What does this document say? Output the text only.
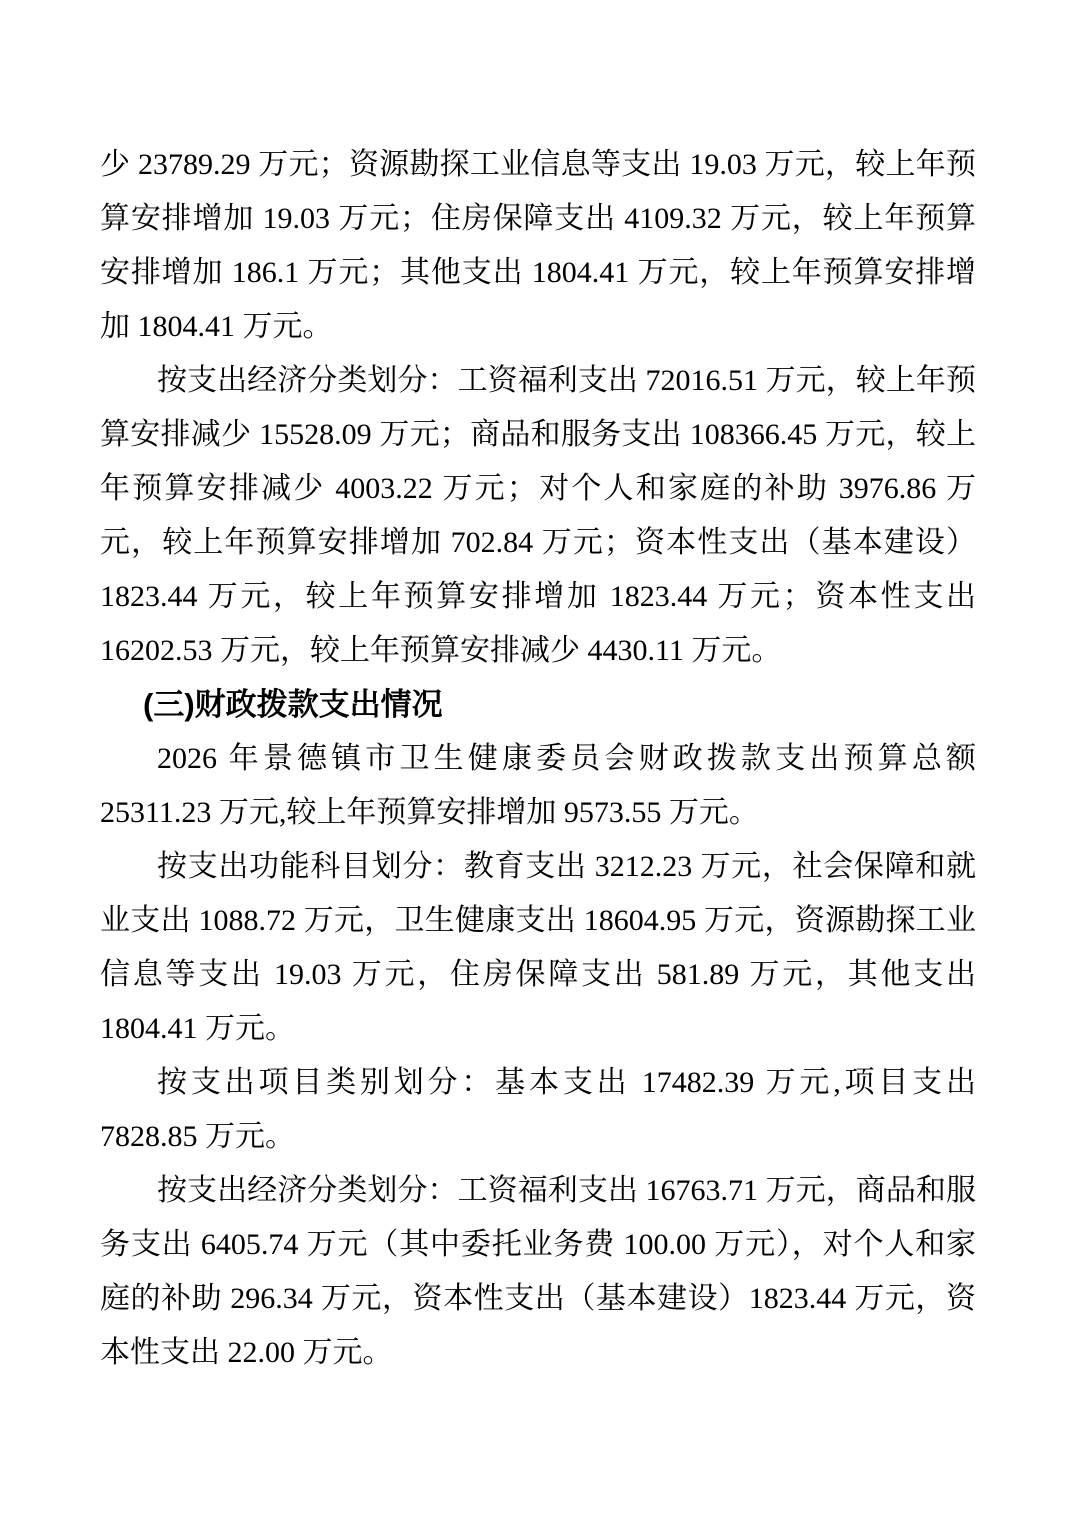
少 23789.29 万元；资源勘探工业信息等支出 19.03 万元，较上年预算安排增加 19.03 万元；住房保障支出 4109.32 万元，较上年预算安排增加 186.1 万元；其他支出 1804.41 万元，较上年预算安排增加 1804.41 万元。

按支出经济分类划分：工资福利支出 72016.51 万元，较上年预算安排减少 15528.09 万元；商品和服务支出 108366.45 万元，较上年预算安排减少 4003.22 万元；对个人和家庭的补助 3976.86 万元，较上年预算安排增加 702.84 万元；资本性支出（基本建设）1823.44 万元，较上年预算安排增加 1823.44 万元；资本性支出 16202.53 万元，较上年预算安排减少 4430.11 万元。

(三)财政拨款支出情况

2026 年景德镇市卫生健康委员会财政拨款支出预算总额 25311.23 万元,较上年预算安排增加 9573.55 万元。

按支出功能科目划分：教育支出 3212.23 万元，社会保障和就业支出 1088.72 万元，卫生健康支出 18604.95 万元，资源勘探工业信息等支出 19.03 万元，住房保障支出 581.89 万元，其他支出 1804.41 万元。

按支出项目类别划分：基本支出 17482.39 万元,项目支出 7828.85 万元。

按支出经济分类划分：工资福利支出 16763.71 万元，商品和服务支出 6405.74 万元（其中委托业务费 100.00 万元），对个人和家庭的补助 296.34 万元，资本性支出（基本建设）1823.44 万元，资本性支出 22.00 万元。
